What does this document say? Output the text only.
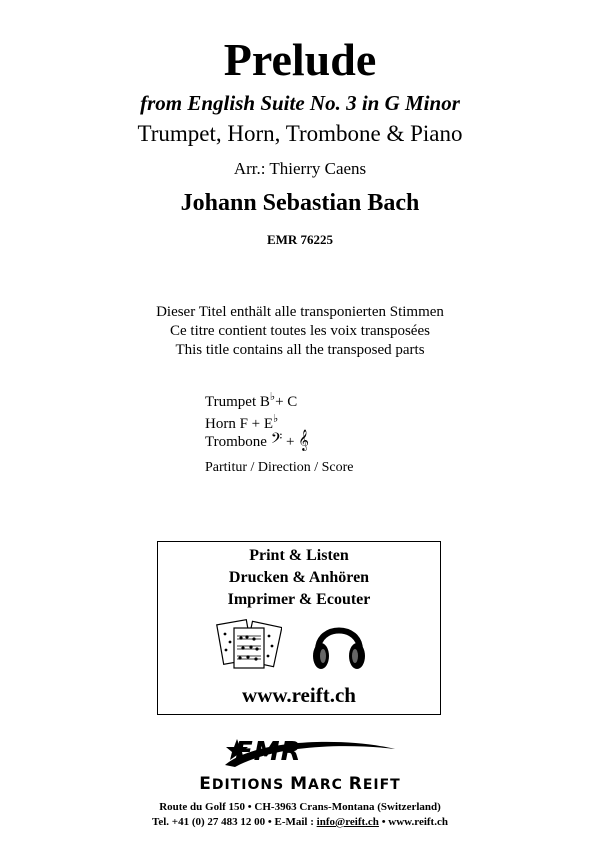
Prelude
from English Suite No. 3 in G Minor
Trumpet, Horn, Trombone & Piano
Arr.: Thierry Caens
Johann Sebastian Bach
EMR 76225
Dieser Titel enthält alle transponierten Stimmen
Ce titre contient toutes les voix transposées
This title contains all the transposed parts
Trumpet B♭+ C
Horn F + E♭
Trombone 𝄢 + 𝄞
Partitur / Direction / Score
Print & Listen
Drucken & Anhören
Imprimer & Ecouter
www.reift.ch
EMR
EDITIONS MARC REIFT
Route du Golf 150 • CH-3963 Crans-Montana (Switzerland)
Tel. +41 (0) 27 483 12 00 • E-Mail : info@reift.ch • www.reift.ch
